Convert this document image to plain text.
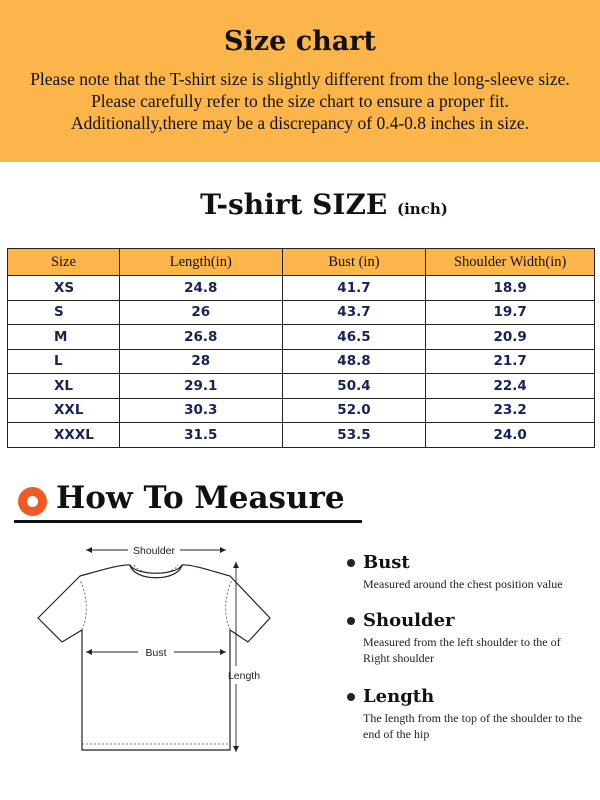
Size chart

Please note that the T-shirt size is slightly different from the long-sleeve size.

Please carefully refer to the size chart to ensure a proper fit.

Additionally,there may be a discrepancy of 0.4-0.8 inches in size.

T-shirt SIZE (inch)
Size	Length(in)	Bust (in)	Shoulder Width(in)
XS	24.8	41.7	18.9
S	26	43.7	19.7
M	26.8	46.5	20.9
L	28	48.8	21.7
XL	29.1	50.4	22.4
XXL	30.3	52.0	23.2
XXXL	31.5	53.5	24.0
How To Measure
Shoulder
Bust
Length
Bust

Measured around the chest position value

Shoulder

Measured from the left shoulder to the of Right shoulder

Length

The length from the top of the shoulder to the end of the hip
